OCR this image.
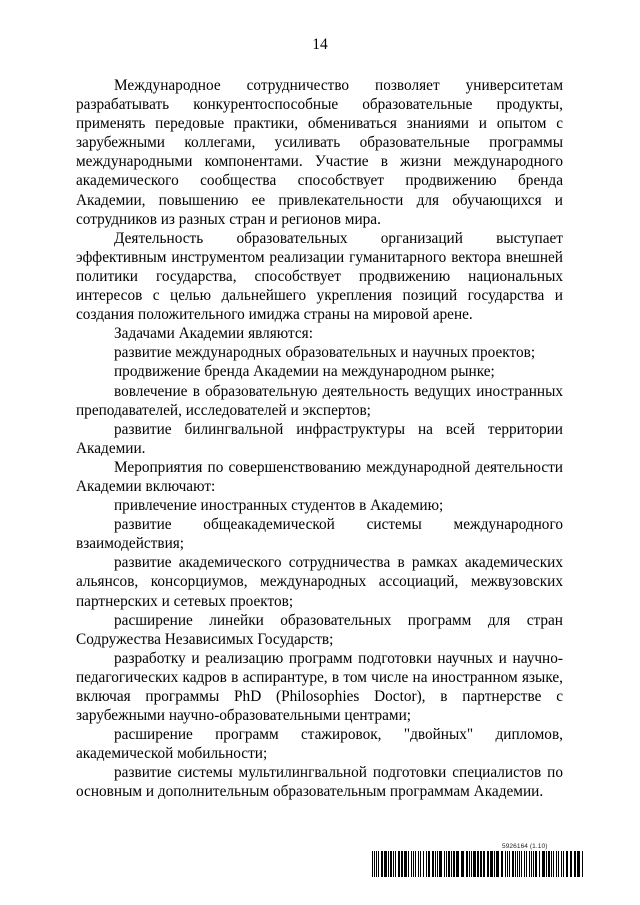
14

Международное сотрудничество позволяет университетам разрабатывать конкурентоспособные образовательные продукты, применять передовые практики, обмениваться знаниями и опытом с зарубежными коллегами, усиливать образовательные программы международными компонентами. Участие в жизни международного академического сообщества способствует продвижению бренда Академии, повышению ее привлекательности для обучающихся и сотрудников из разных стран и регионов мира.

Деятельность образовательных организаций выступает эффективным инструментом реализации гуманитарного вектора внешней политики государства, способствует продвижению национальных интересов с целью дальнейшего укрепления позиций государства и создания положительного имиджа страны на мировой арене.

Задачами Академии являются:

развитие международных образовательных и научных проектов;

продвижение бренда Академии на международном рынке;

вовлечение в образовательную деятельность ведущих иностранных преподавателей, исследователей и экспертов;

развитие билингвальной инфраструктуры на всей территории Академии.

Мероприятия по совершенствованию международной деятельности Академии включают:

привлечение иностранных студентов в Академию;

развитие общеакадемической системы международного взаимодействия;

развитие академического сотрудничества в рамках академических альянсов, консорциумов, международных ассоциаций, межвузовских партнерских и сетевых проектов;

расширение линейки образовательных программ для стран Содружества Независимых Государств;

разработку и реализацию программ подготовки научных и научно-педагогических кадров в аспирантуре, в том числе на иностранном языке, включая программы PhD (Philosophies Doctor), в партнерстве с зарубежными научно-образовательными центрами;

расширение программ стажировок, "двойных" дипломов, академической мобильности;

развитие системы мультилингвальной подготовки специалистов по основным и дополнительным образовательным программам Академии.

5926164 (1.10)
